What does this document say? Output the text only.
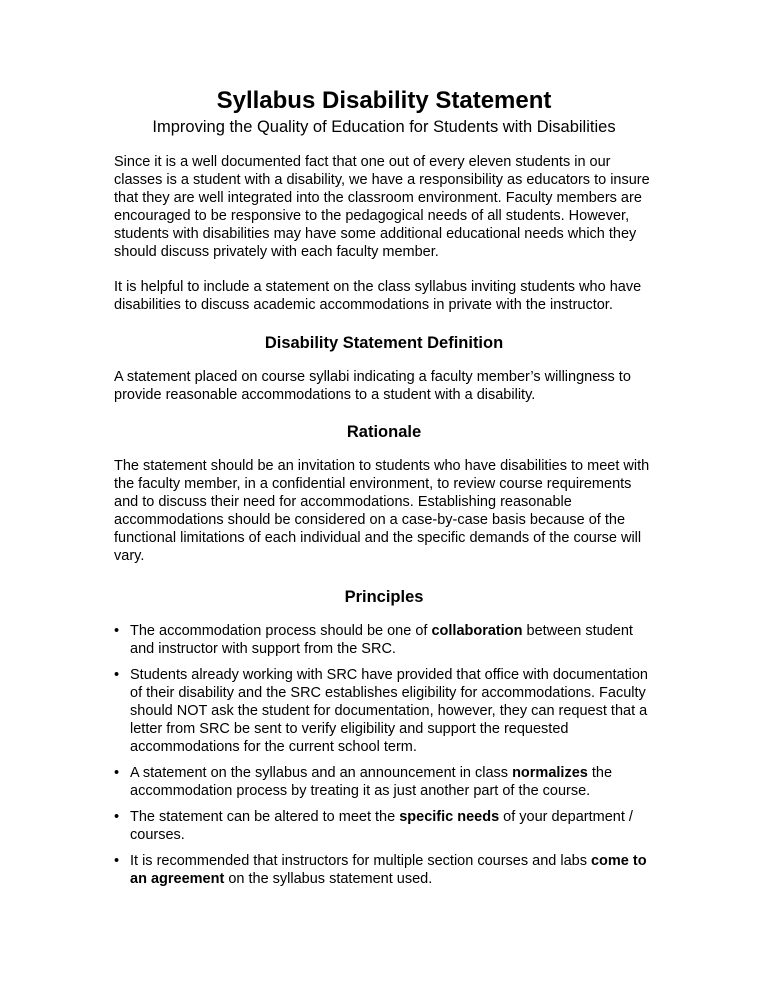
Syllabus Disability Statement
Improving the Quality of Education for Students with Disabilities

Since it is a well documented fact that one out of every eleven students in our classes is a student with a disability, we have a responsibility as educators to insure that they are well integrated into the classroom environment. Faculty members are encouraged to be responsive to the pedagogical needs of all students. However, students with disabilities may have some additional educational needs which they should discuss privately with each faculty member.

It is helpful to include a statement on the class syllabus inviting students who have disabilities to discuss academic accommodations in private with the instructor.

Disability Statement Definition

A statement placed on course syllabi indicating a faculty member’s willingness to provide reasonable accommodations to a student with a disability.

Rationale

The statement should be an invitation to students who have disabilities to meet with the faculty member, in a confidential environment, to review course requirements and to discuss their need for accommodations. Establishing reasonable accommodations should be considered on a case-by-case basis because of the functional limitations of each individual and the specific demands of the course will vary.

Principles
• The accommodation process should be one of collaboration between student and instructor with support from the SRC.
• Students already working with SRC have provided that office with documentation of their disability and the SRC establishes eligibility for accommodations. Faculty should NOT ask the student for documentation, however, they can request that a letter from SRC be sent to verify eligibility and support the requested accommodations for the current school term.
• A statement on the syllabus and an announcement in class normalizes the accommodation process by treating it as just another part of the course.
• The statement can be altered to meet the specific needs of your department / courses.
• It is recommended that instructors for multiple section courses and labs come to an agreement on the syllabus statement used.
